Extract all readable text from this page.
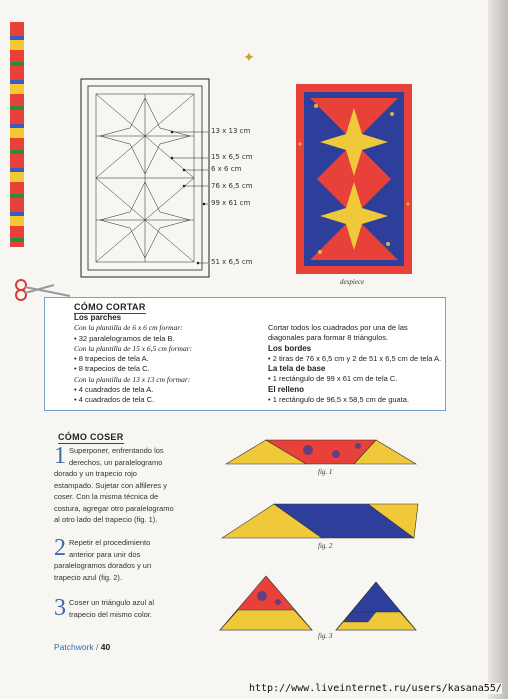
✦
13 x 13 cm
15 x 6,5 cm
6 x 6 cm
76 x 6,5 cm
99 x 61 cm
51 x 6,5 cm
despiece
CÓMO CORTAR
Los parches
Con la plantilla de 6 x 6 cm formar:
• 32 paralelogramos de tela B.
Con la plantilla de 15 x 6,5 cm formar:
• 8 trapecios de tela A.
• 8 trapecios de tela C.
Con la plantilla de 13 x 13 cm formar:
• 4 cuadrados de tela A.
• 4 cuadrados de tela C.
Cortar todos los cuadrados por una de las
diagonales para formar 8 triángulos.
Los bordes
• 2 tiras de 76 x 6,5 cm y 2 de 51 x 6,5 cm de tela A.
La tela de base
• 1 rectángulo de 99 x 61 cm de tela C.
El relleno
• 1 rectángulo de 96,5 x 58,5 cm de guata.
CÓMO COSER
1 Superponer, enfrentando los
derechos, un paralelogramo
dorado y un trapecio rojo
estampado. Sujetar con alfileres y
coser. Con la misma técnica de
costura, agregar otro paralelogramo
al otro lado del trapecio (fig. 1).
2 Repetir el procedimiento
anterior para unir dos
paralelogramos dorados y un
trapecio azul (fig. 2).
3 Coser un triángulo azul al
trapecio del mismo color.
fig. 1
fig. 2
fig. 3
Patchwork / 40
http://www.liveinternet.ru/users/kasana55/
